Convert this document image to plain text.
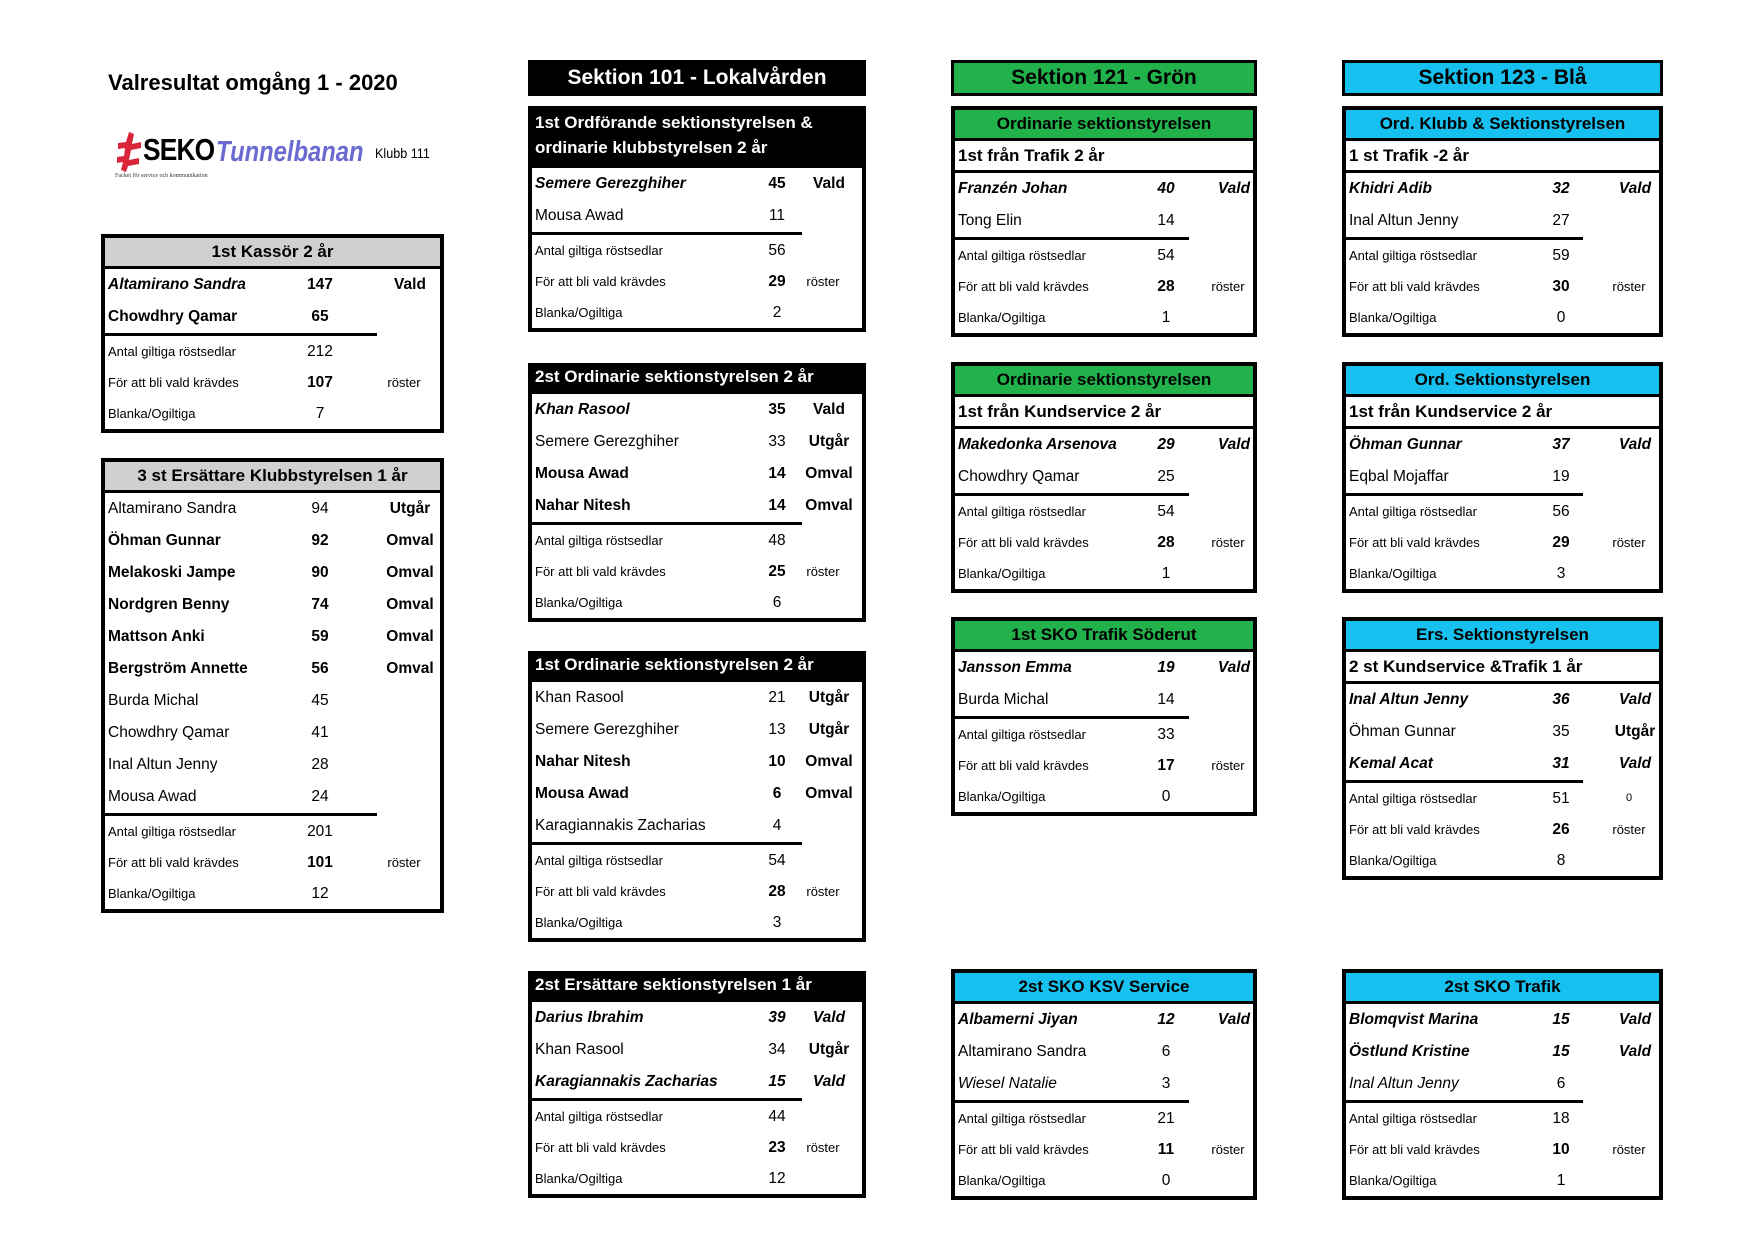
Valresultat omgång 1 - 2020
SEKO Tunnelbanan Klubb 111
Facket för service och kommunikation
Sektion 101 - Lokalvården	Sektion 121 - Grön	Sektion 123 - Blå
1st Kassör 2 år
Altamirano Sandra	147	Vald
Chowdhry Qamar	65
Antal giltiga röstsedlar	212
För att bli vald krävdes	107	röster
Blanka/Ogiltiga	7
3 st Ersättare Klubbstyrelsen 1 år
Altamirano Sandra	94	Utgår
Öhman Gunnar	92	Omval
Melakoski Jampe	90	Omval
Nordgren Benny	74	Omval
Mattson Anki	59	Omval
Bergström Annette	56	Omval
Burda Michal	45
Chowdhry Qamar	41
Inal Altun Jenny	28
Mousa Awad	24
Antal giltiga röstsedlar	201
För att bli vald krävdes	101	röster
Blanka/Ogiltiga	12
1st Ordförande sektionstyrelsen &
ordinarie klubbstyrelsen 2 år
Semere Gerezghiher	45	Vald
Mousa Awad	11
Antal giltiga röstsedlar	56
För att bli vald krävdes	29	röster
Blanka/Ogiltiga	2
2st Ordinarie sektionstyrelsen 2 år
Khan Rasool	35	Vald
Semere Gerezghiher	33	Utgår
Mousa Awad	14	Omval
Nahar Nitesh	14	Omval
Antal giltiga röstsedlar	48
För att bli vald krävdes	25	röster
Blanka/Ogiltiga	6
1st Ordinarie sektionstyrelsen 2 år
Khan Rasool	21	Utgår
Semere Gerezghiher	13	Utgår
Nahar Nitesh	10	Omval
Mousa Awad	6	Omval
Karagiannakis Zacharias	4
Antal giltiga röstsedlar	54
För att bli vald krävdes	28	röster
Blanka/Ogiltiga	3
2st Ersättare sektionstyrelsen 1 år
Darius Ibrahim	39	Vald
Khan Rasool	34	Utgår
Karagiannakis Zacharias	15	Vald
Antal giltiga röstsedlar	44
För att bli vald krävdes	23	röster
Blanka/Ogiltiga	12
Ordinarie sektionstyrelsen
1st från Trafik 2 år
Franzén Johan	40	Vald
Tong Elin	14
Antal giltiga röstsedlar	54
För att bli vald krävdes	28	röster
Blanka/Ogiltiga	1
Ordinarie sektionstyrelsen
1st från Kundservice 2 år
Makedonka Arsenova	29	Vald
Chowdhry Qamar	25
Antal giltiga röstsedlar	54
För att bli vald krävdes	28	röster
Blanka/Ogiltiga	1
1st SKO Trafik Söderut
Jansson Emma	19	Vald
Burda Michal	14
Antal giltiga röstsedlar	33
För att bli vald krävdes	17	röster
Blanka/Ogiltiga	0
2st SKO KSV Service
Albamerni Jiyan	12	Vald
Altamirano Sandra	6
Wiesel Natalie	3
Antal giltiga röstsedlar	21
För att bli vald krävdes	11	röster
Blanka/Ogiltiga	0
Ord. Klubb & Sektionstyrelsen
1 st Trafik -2 år
Khidri Adib	32	Vald
Inal Altun Jenny	27
Antal giltiga röstsedlar	59
För att bli vald krävdes	30	röster
Blanka/Ogiltiga	0
Ord. Sektionstyrelsen
1st från Kundservice 2 år
Öhman Gunnar	37	Vald
Eqbal Mojaffar	19
Antal giltiga röstsedlar	56
För att bli vald krävdes	29	röster
Blanka/Ogiltiga	3
Ers. Sektionstyrelsen
2 st Kundservice &Trafik 1 år
Inal Altun Jenny	36	Vald
Öhman Gunnar	35	Utgår
Kemal Acat	31	Vald
Antal giltiga röstsedlar	51	0
För att bli vald krävdes	26	röster
Blanka/Ogiltiga	8
2st SKO Trafik
Blomqvist Marina	15	Vald
Östlund Kristine	15	Vald
Inal Altun Jenny	6
Antal giltiga röstsedlar	18
För att bli vald krävdes	10	röster
Blanka/Ogiltiga	1
